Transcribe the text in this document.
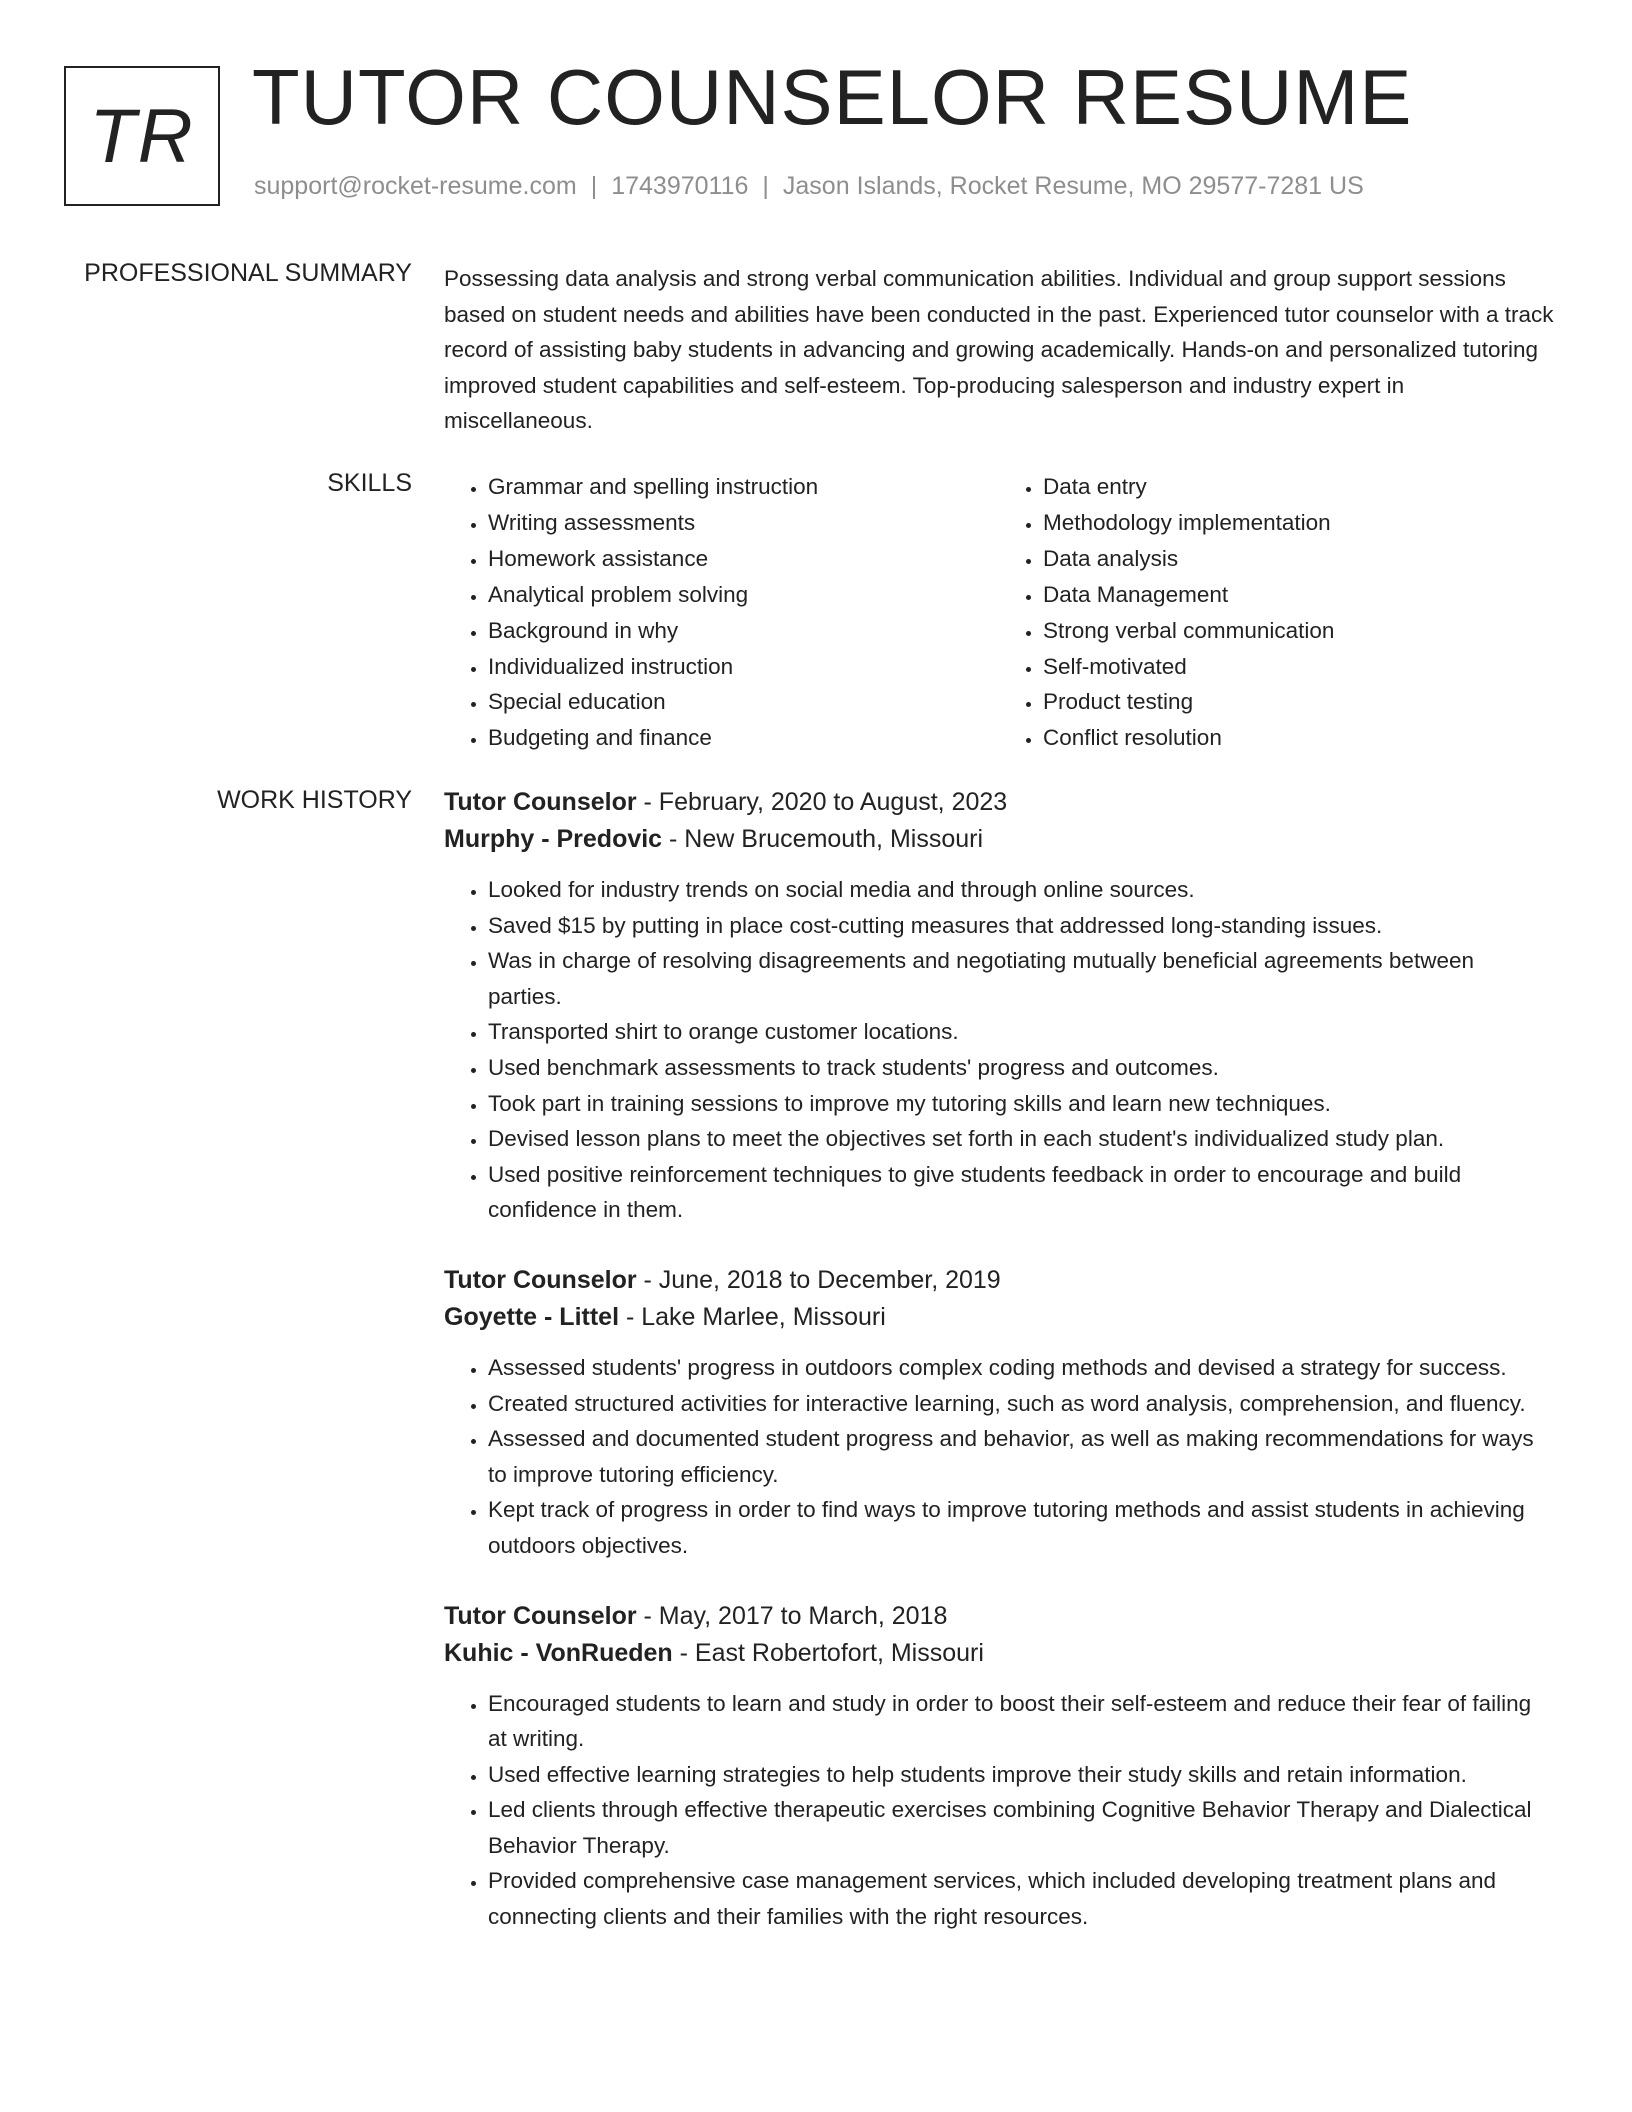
TR TUTOR COUNSELOR RESUME
support@rocket-resume.com | 1743970116 | Jason Islands, Rocket Resume, MO 29577-7281 US
PROFESSIONAL SUMMARY Possessing data analysis and strong verbal communication abilities. Individual and group support sessions based on student needs and abilities have been conducted in the past. Experienced tutor counselor with a track record of assisting baby students in advancing and growing academically. Hands-on and personalized tutoring improved student capabilities and self-esteem. Top-producing salesperson and industry expert in miscellaneous.

SKILLS
•	Grammar and spelling instruction
• Writing assessments
• Homework assistance
• Analytical problem solving
• Background in why
• Individualized instruction
• Special education
• Budgeting and finance
• Data entry
• Methodology implementation
• Data analysis
• Data Management
• Strong verbal communication
• Self-motivated
• Product testing
• Conflict resolution
WORK HISTORY Tutor Counselor - February, 2020 to August, 2023
Murphy - Predovic - New Brucemouth, Missouri
• Looked for industry trends on social media and through online sources.
• Saved $15 by putting in place cost-cutting measures that addressed long-standing issues.
• Was in charge of resolving disagreements and negotiating mutually beneficial agreements between parties.
• Transported shirt to orange customer locations.
• Used benchmark assessments to track students' progress and outcomes.
• Took part in training sessions to improve my tutoring skills and learn new techniques.
• Devised lesson plans to meet the objectives set forth in each student's individualized study plan.
• Used positive reinforcement techniques to give students feedback in order to encourage and build confidence in them.
Tutor Counselor - June, 2018 to December, 2019
Goyette - Littel - Lake Marlee, Missouri
• Assessed students' progress in outdoors complex coding methods and devised a strategy for success.
• Created structured activities for interactive learning, such as word analysis, comprehension, and fluency.
• Assessed and documented student progress and behavior, as well as making recommendations for ways to improve tutoring efficiency.
• Kept track of progress in order to find ways to improve tutoring methods and assist students in achieving outdoors objectives.
Tutor Counselor - May, 2017 to March, 2018
Kuhic - VonRueden - East Robertofort, Missouri
• Encouraged students to learn and study in order to boost their self-esteem and reduce their fear of failing at writing.
• Used effective learning strategies to help students improve their study skills and retain information.
• Led clients through effective therapeutic exercises combining Cognitive Behavior Therapy and Dialectical Behavior Therapy.
• Provided comprehensive case management services, which included developing treatment plans and connecting clients and their families with the right resources.
